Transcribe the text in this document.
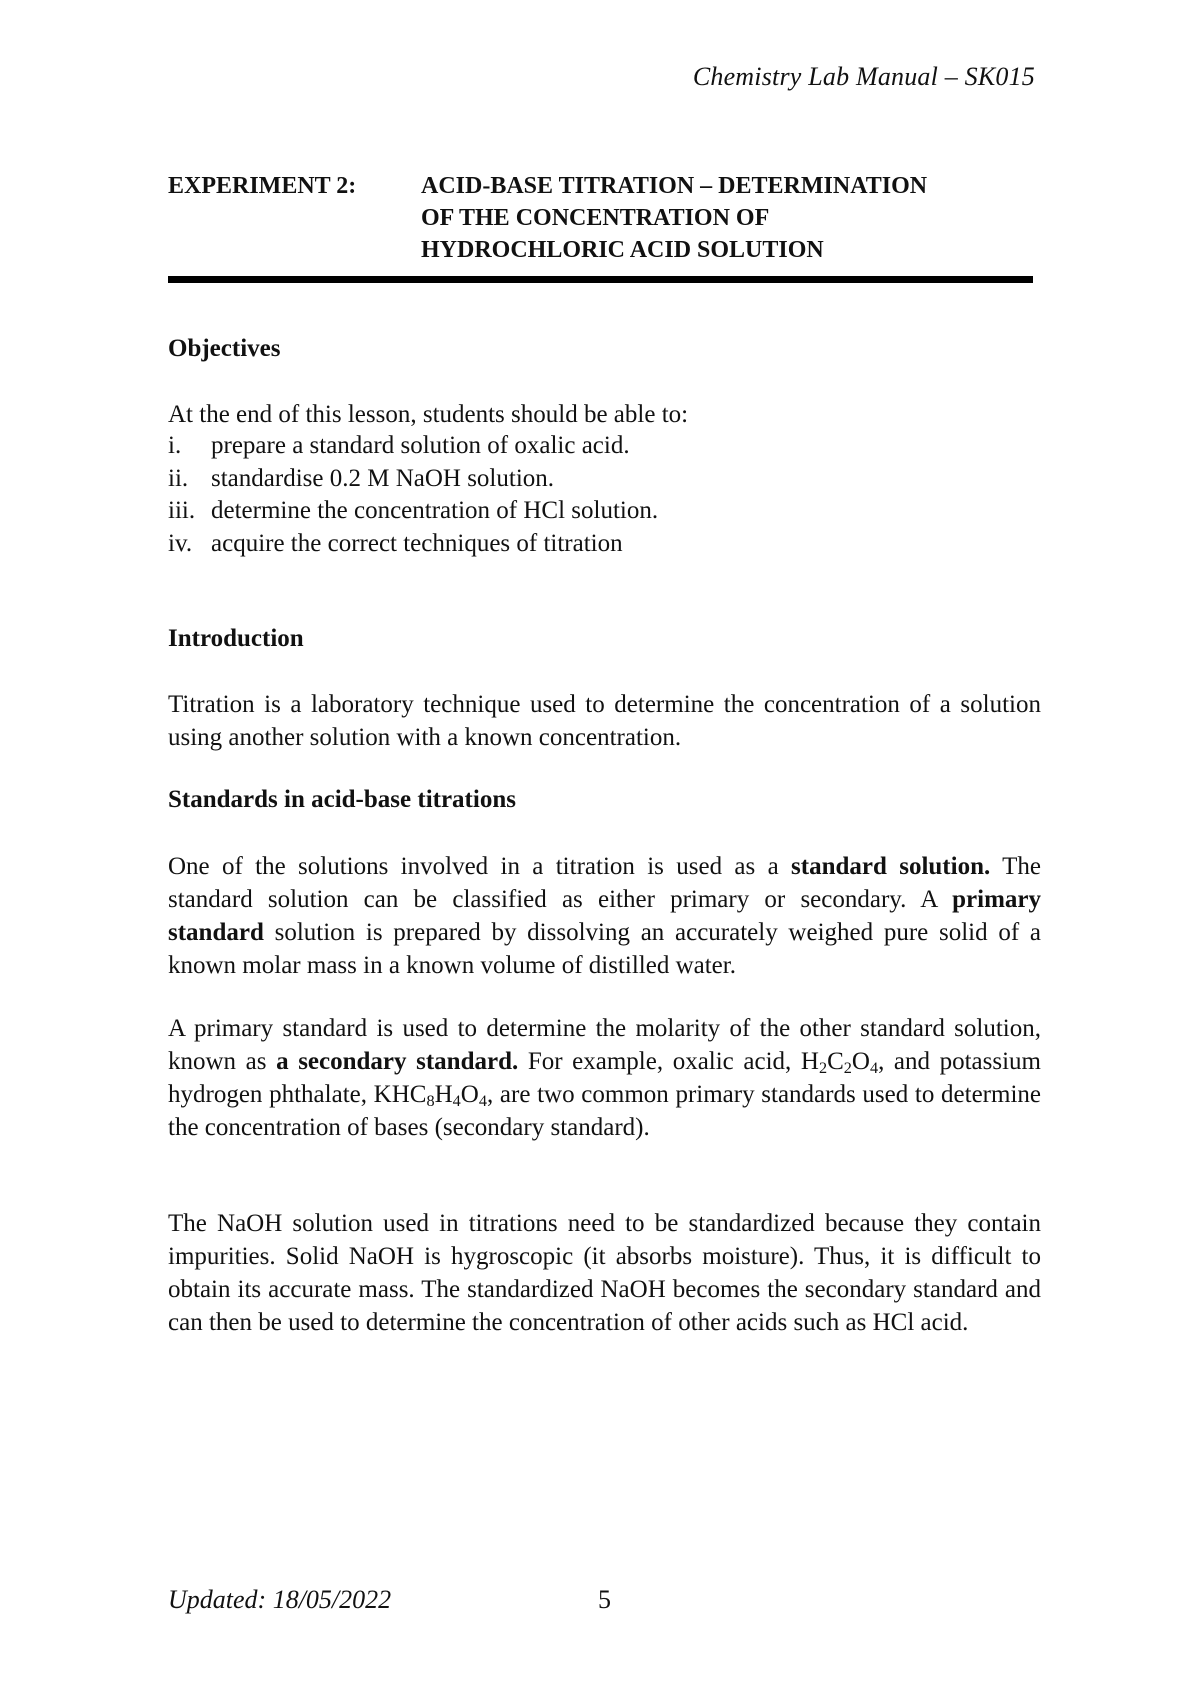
Chemistry Lab Manual – SK015
EXPERIMENT 2:	ACID-BASE TITRATION – DETERMINATION
OF THE CONCENTRATION OF
HYDROCHLORIC ACID SOLUTION
Objectives
At the end of this lesson, students should be able to:
i.	prepare a standard solution of oxalic acid.
ii. standardise 0.2 M NaOH solution.
iii. determine the concentration of HCl solution.
iv. acquire the correct techniques of titration
Introduction
Titration is a laboratory technique used to determine the concentration of a solution using another solution with a known concentration.
Standards in acid-base titrations
One of the solutions involved in a titration is used as a standard solution. The standard solution can be classified as either primary or secondary. A primary standard solution is prepared by dissolving an accurately weighed pure solid of a known molar mass in a known volume of distilled water.
A primary standard is used to determine the molarity of the other standard solution, known as a secondary standard. For example, oxalic acid, $H_2C_2O_4$, and potassium hydrogen phthalate, $KHC_8H_4O_4$, are two common primary standards used to determine the concentration of bases (secondary standard).
The NaOH solution used in titrations need to be standardized because they contain impurities. Solid NaOH is hygroscopic (it absorbs moisture). Thus, it is difficult to obtain its accurate mass. The standardized NaOH becomes the secondary standard and can then be used to determine the concentration of other acids such as HCl acid.
Updated: 18/05/2022	5
